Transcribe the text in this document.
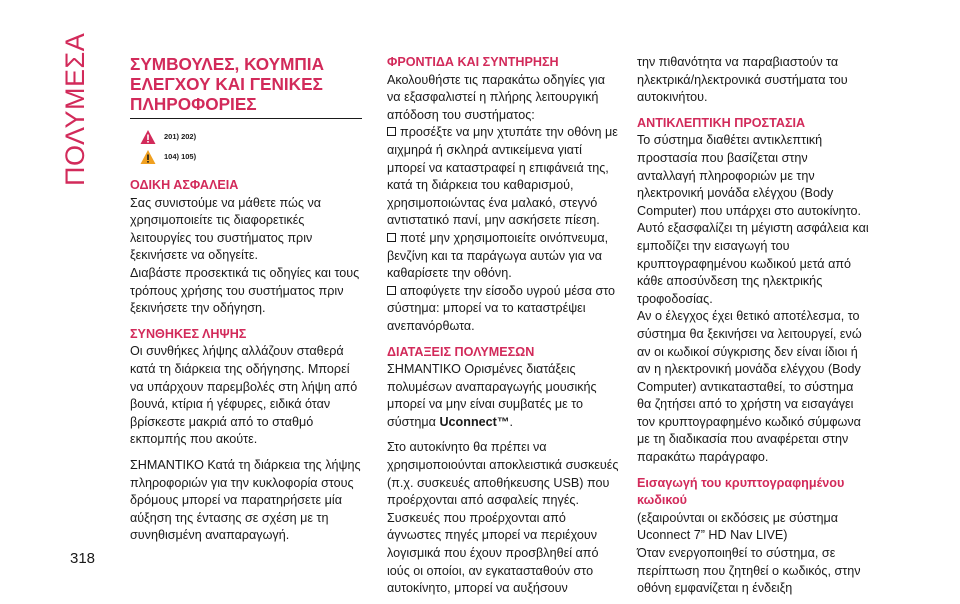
ΠΟΛΥΜΕΣΑ
318
ΣΥΜΒΟΥΛΕΣ, ΚΟΥΜΠΙΑ ΕΛΕΓΧΟΥ ΚΑΙ ΓΕΝΙΚΕΣ ΠΛΗΡΟΦΟΡΙΕΣ
201) 202)
104) 105)
ΟΔΙΚΗ ΑΣΦΑΛΕΙΑ

Σας συνιστούμε να μάθετε πώς να χρησιμοποιείτε τις διαφορετικές λειτουργίες του συστήματος πριν ξεκινήσετε να οδηγείτε.

Διαβάστε προσεκτικά τις οδηγίες και τους τρόπους χρήσης του συστήματος πριν ξεκινήσετε την οδήγηση.

ΣΥΝΘΗΚΕΣ ΛΗΨΗΣ

Οι συνθήκες λήψης αλλάζουν σταθερά κατά τη διάρκεια της οδήγησης. Μπορεί να υπάρχουν παρεμβολές στη λήψη από βουνά, κτίρια ή γέφυρες, ειδικά όταν βρίσκεστε μακριά από το σταθμό εκπομπής που ακούτε.

ΣΗΜΑΝΤΙΚΟ Κατά τη διάρκεια της λήψης πληροφοριών για την κυκλοφορία στους δρόμους μπορεί να παρατηρήσετε μία αύξηση της έντασης σε σχέση με τη συνηθισμένη αναπαραγωγή.

ΦΡΟΝΤΙΔΑ ΚΑΙ ΣΥΝΤΗΡΗΣΗ

Ακολουθήστε τις παρακάτω οδηγίες για να εξασφαλιστεί η πλήρης λειτουργική απόδοση του συστήματος:

προσέξτε να μην χτυπάτε την οθόνη με αιχμηρά ή σκληρά αντικείμενα γιατί μπορεί να καταστραφεί η επιφάνειά της, κατά τη διάρκεια του καθαρισμού, χρησιμοποιώντας ένα μαλακό, στεγνό αντιστατικό πανί, μην ασκήσετε πίεση.

ποτέ μην χρησιμοποιείτε οινόπνευμα, βενζίνη και τα παράγωγα αυτών για να καθαρίσετε την οθόνη.

αποφύγετε την είσοδο υγρού μέσα στο σύστημα: μπορεί να το καταστρέψει ανεπανόρθωτα.

ΔΙΑΤΑΞΕΙΣ ΠΟΛΥΜΕΣΩΝ

ΣΗΜΑΝΤΙΚΟ Ορισμένες διατάξεις πολυμέσων αναπαραγωγής μουσικής μπορεί να μην είναι συμβατές με το σύστημα Uconnect™.

Στο αυτοκίνητο θα πρέπει να χρησιμοποιούνται αποκλειστικά συσκευές (π.χ. συσκευές αποθήκευσης USB) που προέρχονται από ασφαλείς πηγές. Συσκευές που προέρχονται από άγνωστες πηγές μπορεί να περιέχουν λογισμικά που έχουν προσβληθεί από ιούς οι οποίοι, αν εγκατασταθούν στο αυτοκίνητο, μπορεί να αυξήσουν

την πιθανότητα να παραβιαστούν τα ηλεκτρικά/ηλεκτρονικά συστήματα του αυτοκινήτου.

ΑΝΤΙΚΛΕΠΤΙΚΗ ΠΡΟΣΤΑΣΙΑ

Το σύστημα διαθέτει αντικλεπτική προστασία που βασίζεται στην ανταλλαγή πληροφοριών με την ηλεκτρονική μονάδα ελέγχου (Body Computer) που υπάρχει στο αυτοκίνητο.

Αυτό εξασφαλίζει τη μέγιστη ασφάλεια και εμποδίζει την εισαγωγή του κρυπτογραφημένου κωδικού μετά από κάθε αποσύνδεση της ηλεκτρικής τροφοδοσίας.

Αν ο έλεγχος έχει θετικό αποτέλεσμα, το σύστημα θα ξεκινήσει να λειτουργεί, ενώ αν οι κωδικοί σύγκρισης δεν είναι ίδιοι ή αν η ηλεκτρονική μονάδα ελέγχου (Body Computer) αντικατασταθεί, το σύστημα θα ζητήσει από το χρήστη να εισαγάγει τον κρυπτογραφημένο κωδικό σύμφωνα με τη διαδικασία που αναφέρεται στην παρακάτω παράγραφο.

Εισαγωγή του κρυπτογραφημένου κωδικού

(εξαιρούνται οι εκδόσεις με σύστημα Uconnect 7” HD Nav LIVE)

Όταν ενεργοποιηθεί το σύστημα, σε περίπτωση που ζητηθεί ο κωδικός, στην οθόνη εμφανίζεται η ένδειξη
